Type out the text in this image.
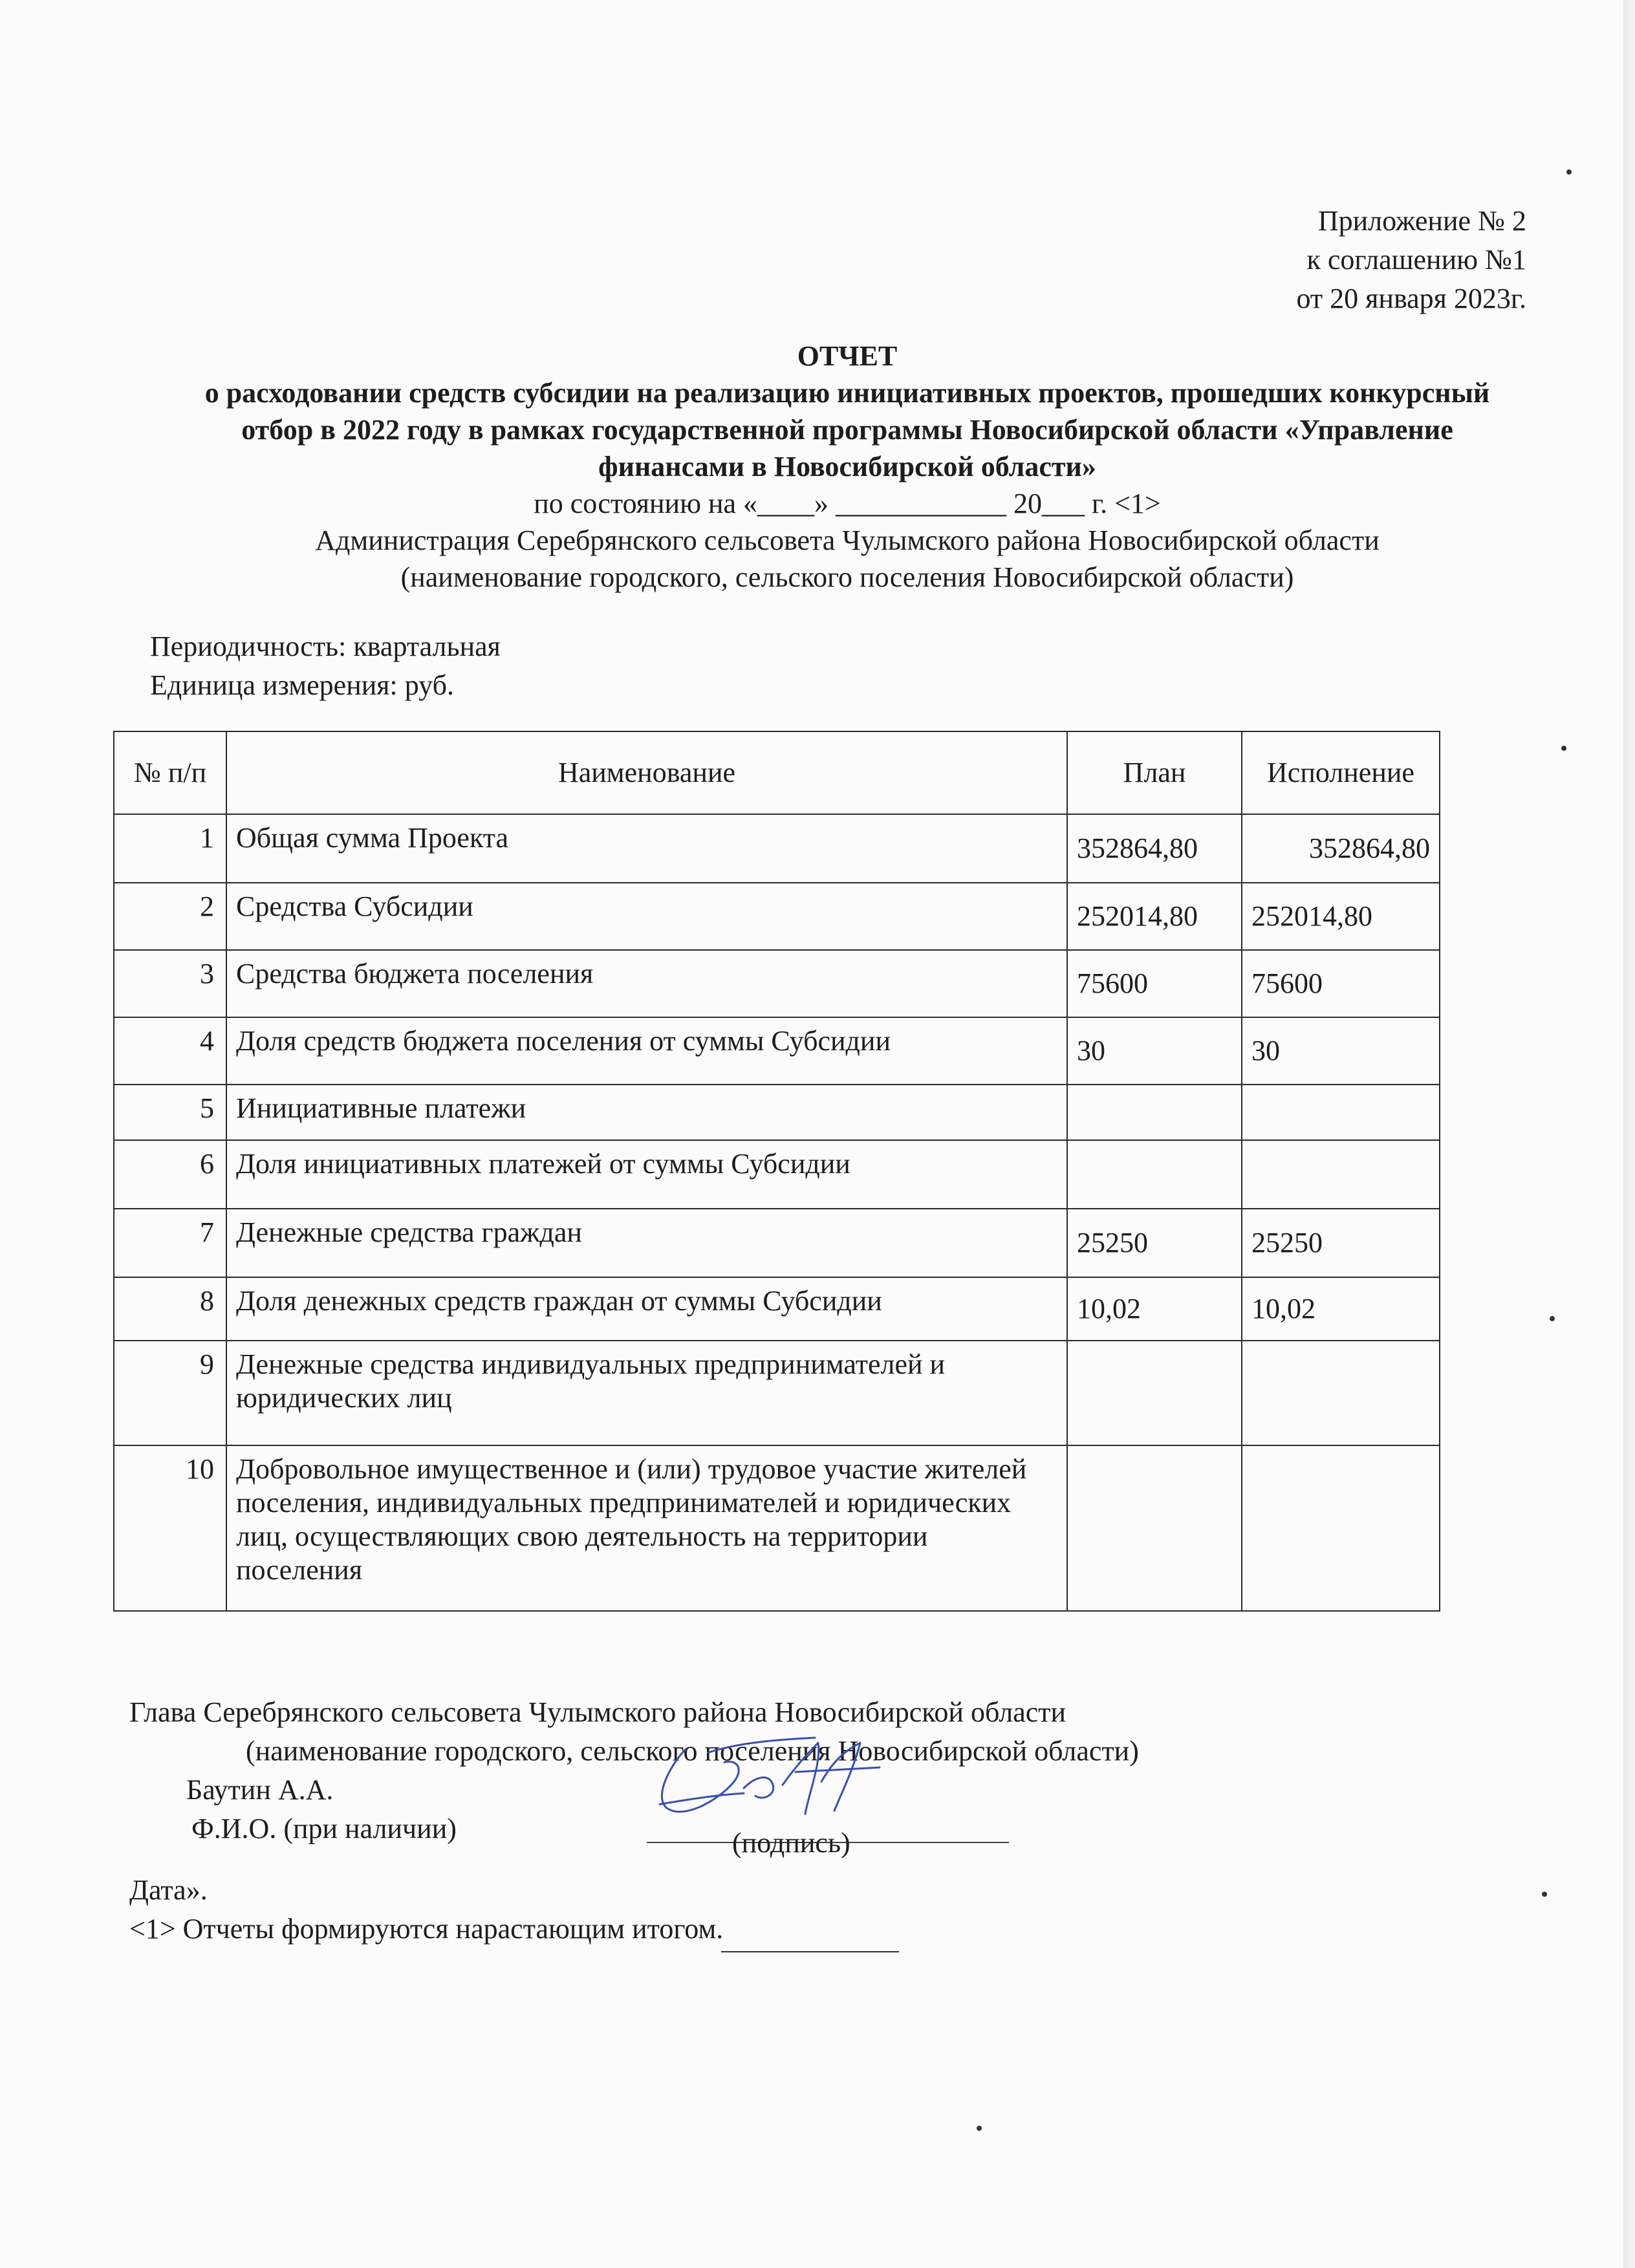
Приложение № 2
к соглашению №1
от 20 января 2023г.
ОТЧЕТ
о расходовании средств субсидии на реализацию инициативных проектов, прошедших конкурсный отбор в 2022 году в рамках государственной программы Новосибирской области «Управление финансами в Новосибирской области»
по состоянию на «____» ____________ 20___ г. <1>
Администрация Серебрянского сельсовета Чулымского района Новосибирской области
(наименование городского, сельского поселения Новосибирской области)
Периодичность: квартальная
Единица измерения: руб.
№ п/п	Наименование	План	Исполнение
1	Общая сумма Проекта	352864,80	352864,80
2	Средства Субсидии	252014,80	252014,80
3	Средства бюджета поселения	75600	75600
4	Доля средств бюджета поселения от суммы Субсидии	30	30
5	Инициативные платежи		
6	Доля инициативных платежей от суммы Субсидии		
7	Денежные средства граждан	25250	25250
8	Доля денежных средств граждан от суммы Субсидии	10,02	10,02
9	Денежные средства индивидуальных предпринимателей и юридических лиц		
10	Добровольное имущественное и (или) трудовое участие жителей поселения, индивидуальных предпринимателей и юридических лиц, осуществляющих свою деятельность на территории поселения		
Глава Серебрянского сельсовета Чулымского района Новосибирской области
(наименование городского, сельского поселения Новосибирской области)
Баутин А.А.
Ф.И.О. (при наличии)	(подпись)
Дата».
<1> Отчеты формируются нарастающим итогом.
